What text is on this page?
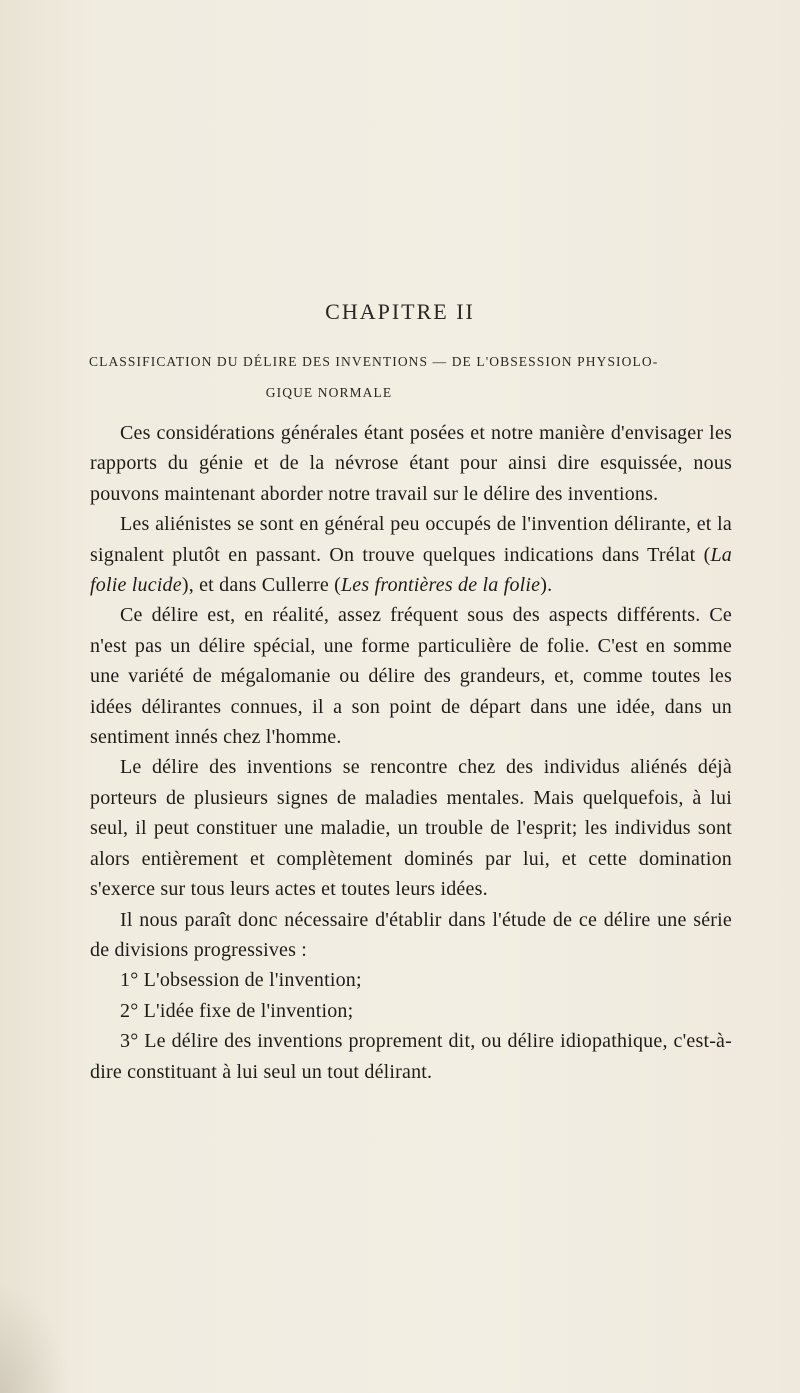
CHAPITRE II
CLASSIFICATION DU DÉLIRE DES INVENTIONS — DE L'OBSESSION PHYSIOLO-
GIQUE NORMALE

Ces considérations générales étant posées et notre manière d'envisager les rapports du génie et de la névrose étant pour ainsi dire esquissée, nous pouvons maintenant aborder notre travail sur le délire des inventions.

Les aliénistes se sont en général peu occupés de l'invention délirante, et la signalent plutôt en passant. On trouve quelques indications dans Trélat (La folie lucide), et dans Cullerre (Les frontières de la folie).

Ce délire est, en réalité, assez fréquent sous des aspects différents. Ce n'est pas un délire spécial, une forme particulière de folie. C'est en somme une variété de mégalomanie ou délire des grandeurs, et, comme toutes les idées délirantes connues, il a son point de départ dans une idée, dans un sentiment innés chez l'homme.

Le délire des inventions se rencontre chez des individus aliénés déjà porteurs de plusieurs signes de maladies mentales. Mais quelquefois, à lui seul, il peut constituer une maladie, un trouble de l'esprit; les individus sont alors entièrement et complètement dominés par lui, et cette domination s'exerce sur tous leurs actes et toutes leurs idées.

Il nous paraît donc nécessaire d'établir dans l'étude de ce délire une série de divisions progressives :

1° L'obsession de l'invention;

2° L'idée fixe de l'invention;

3° Le délire des inventions proprement dit, ou délire idiopathique, c'est-à-dire constituant à lui seul un tout délirant.
